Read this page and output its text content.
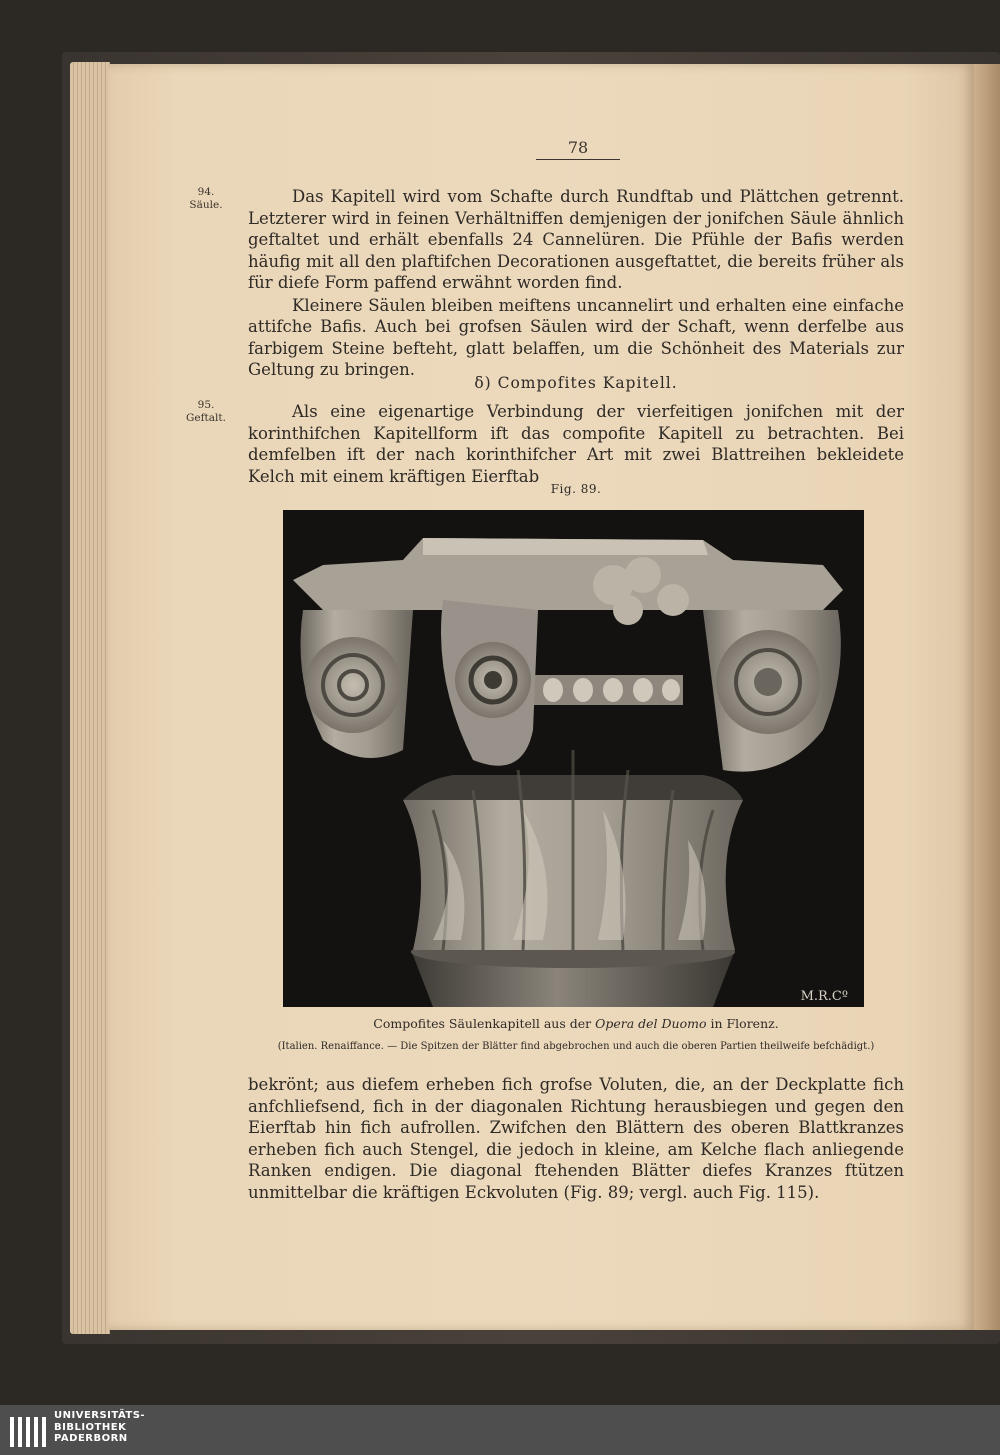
78
94.
Säule.	Das Kapitell wird vom Schafte durch Rundftab und Plättchen getrennt. Letzterer wird in feinen Verhältniffen demjenigen der jonifchen Säule ähnlich geftaltet und erhält ebenfalls 24 Cannelüren. Die Pfühle der Bafis werden häufig mit all den plaftifchen Decorationen ausgeftattet, die bereits früher als für diefe Form paffend erwähnt worden find.

Kleinere Säulen bleiben meiftens uncannelirt und erhalten eine einfache attifche Bafis. Auch bei grofsen Säulen wird der Schaft, wenn derfelbe aus farbigem Steine befteht, glatt belaffen, um die Schönheit des Materials zur Geltung zu bringen.

δ) Compofites Kapitell.
95.
Geftalt.	Als eine eigenartige Verbindung der vierfeitigen jonifchen mit der korinthifchen Kapitellform ift das compofite Kapitell zu betrachten. Bei demfelben ift der nach korinthifcher Art mit zwei Blattreihen bekleidete Kelch mit einem kräftigen Eierftab

Fig. 89.
M.R.Cº
Compofites Säulenkapitell aus der Opera del Duomo in Florenz.
(Italien. Renaiffance. — Die Spitzen der Blätter find abgebrochen und auch die oberen Partien theilweife befchädigt.)

bekrönt; aus diefem erheben fich grofse Voluten, die, an der Deckplatte fich anfchliefsend, fich in der diagonalen Richtung herausbiegen und gegen den Eierftab hin fich aufrollen. Zwifchen den Blättern des oberen Blattkranzes erheben fich auch Stengel, die jedoch in kleine, am Kelche flach anliegende Ranken endigen. Die diagonal ftehenden Blätter diefes Kranzes ftützen unmittelbar die kräftigen Eckvoluten (Fig. 89; vergl. auch Fig. 115).

UNIVERSITÄTS-
BIBLIOTHEK
PADERBORN
